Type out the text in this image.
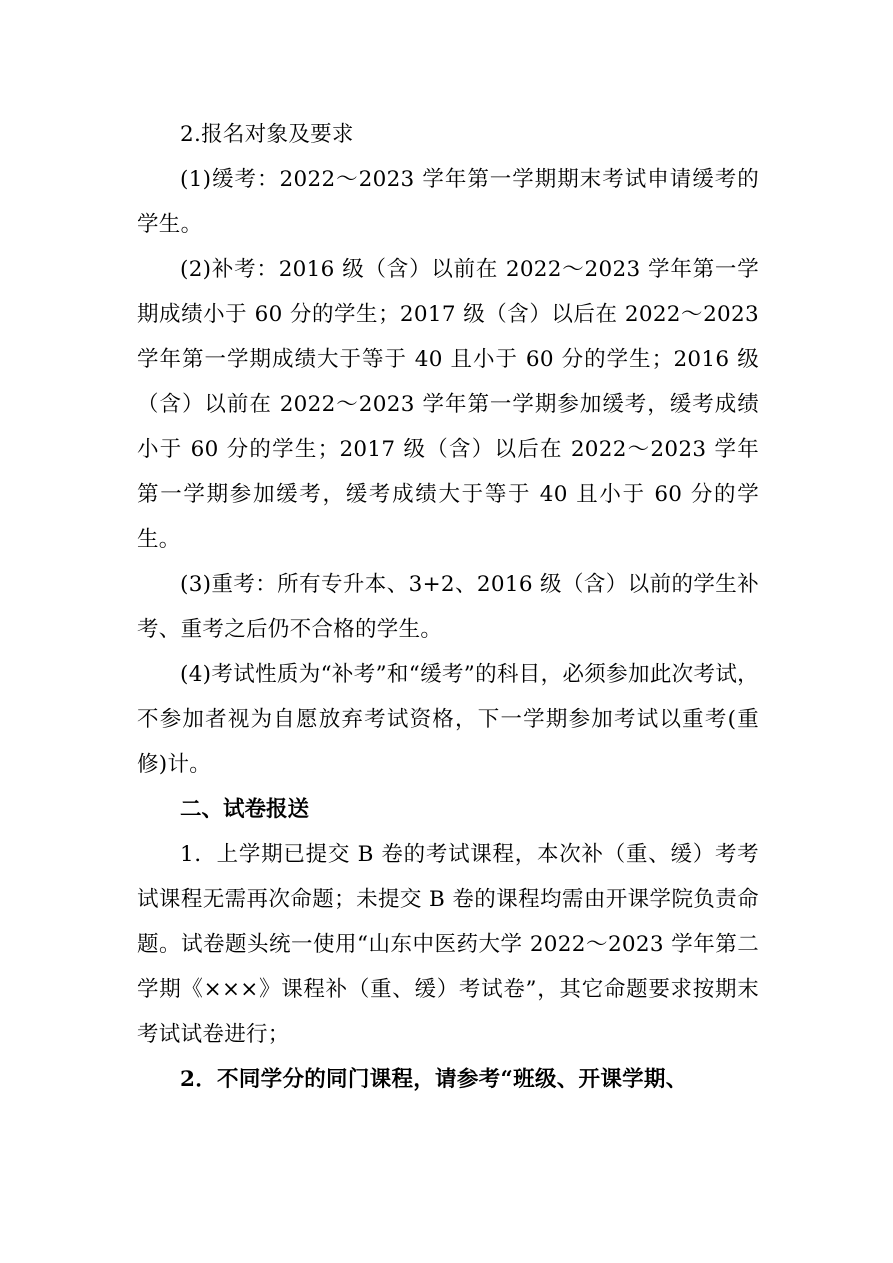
2.报名对象及要求

(1)缓考：2022～2023 学年第一学期期末考试申请缓考的学生。

(2)补考：2016 级（含）以前在 2022～2023 学年第一学期成绩小于 60 分的学生；2017 级（含）以后在 2022～2023 学年第一学期成绩大于等于 40 且小于 60 分的学生；2016 级（含）以前在 2022～2023 学年第一学期参加缓考，缓考成绩小于 60 分的学生；2017 级（含）以后在 2022～2023 学年第一学期参加缓考，缓考成绩大于等于 40 且小于 60 分的学生。

(3)重考：所有专升本、3+2、2016 级（含）以前的学生补考、重考之后仍不合格的学生。

(4)考试性质为“补考”和“缓考”的科目，必须参加此次考试，不参加者视为自愿放弃考试资格，下一学期参加考试以重考(重修)计。

二、试卷报送

1．上学期已提交 B 卷的考试课程，本次补（重、缓）考考试课程无需再次命题；未提交 B 卷的课程均需由开课学院负责命题。试卷题头统一使用“山东中医药大学 2022～2023 学年第二学期《×××》课程补（重、缓）考试卷”，其它命题要求按期末考试试卷进行；

2．不同学分的同门课程，请参考“班级、开课学期、
